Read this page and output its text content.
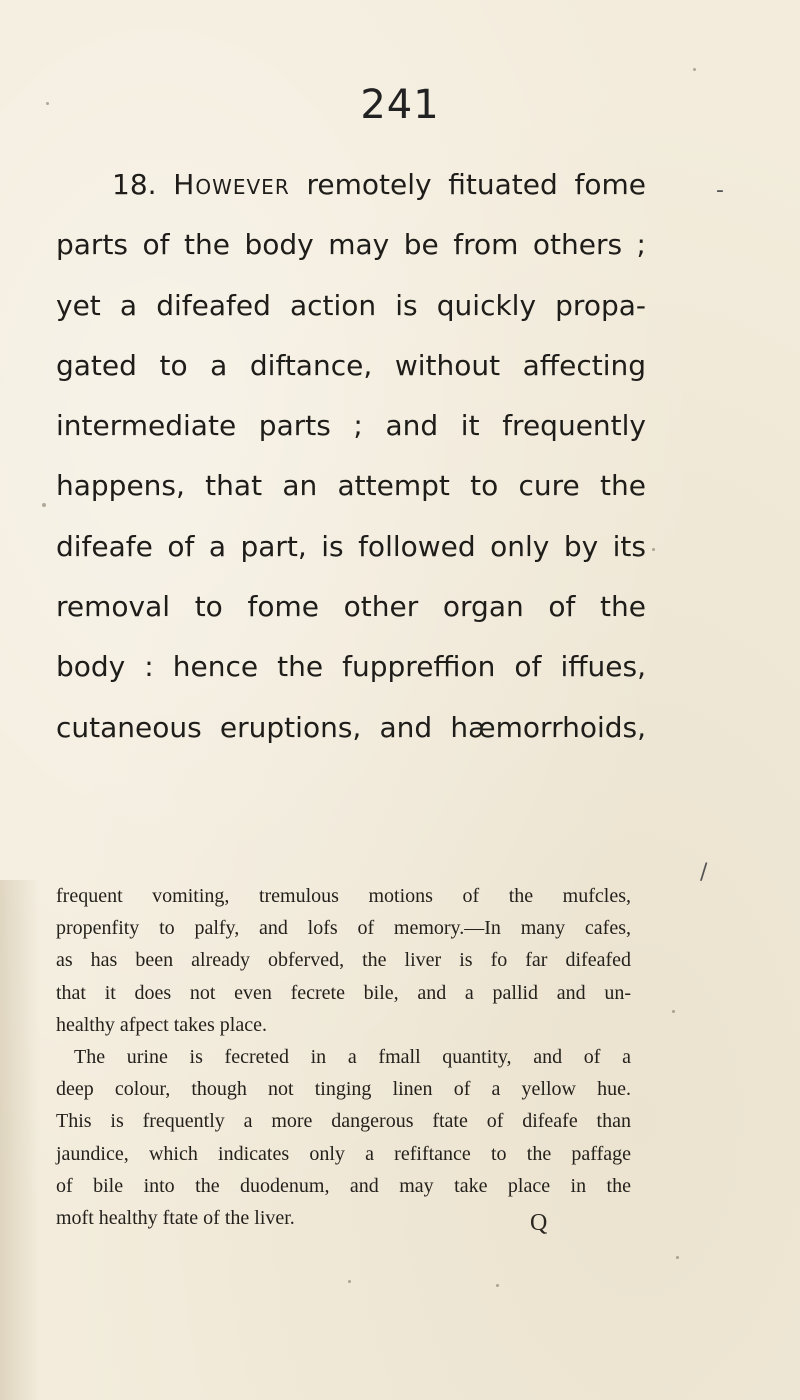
241
18. However remotely fituated fome
parts of the body may be from others ;
yet a difeafed action is quickly propa-
gated to a diftance, without affecting
intermediate parts ; and it frequently
happens, that an attempt to cure the
difeafe of a part, is followed only by its
removal to fome other organ of the
body : hence the fuppreffion of iffues,
cutaneous eruptions, and hæmorrhoids,
frequent vomiting, tremulous motions of the mufcles,
propenfity to palfy, and lofs of memory.—In many cafes,
as has been already obferved, the liver is fo far difeafed
that it does not even fecrete bile, and a pallid and un-
healthy afpect takes place.
The urine is fecreted in a fmall quantity, and of a
deep colour, though not tinging linen of a yellow hue.
This is frequently a more dangerous ftate of difeafe than
jaundice, which indicates only a refiftance to the paffage
of bile into the duodenum, and may take place in the
moft healthy ftate of the liver.	Q
-
/
